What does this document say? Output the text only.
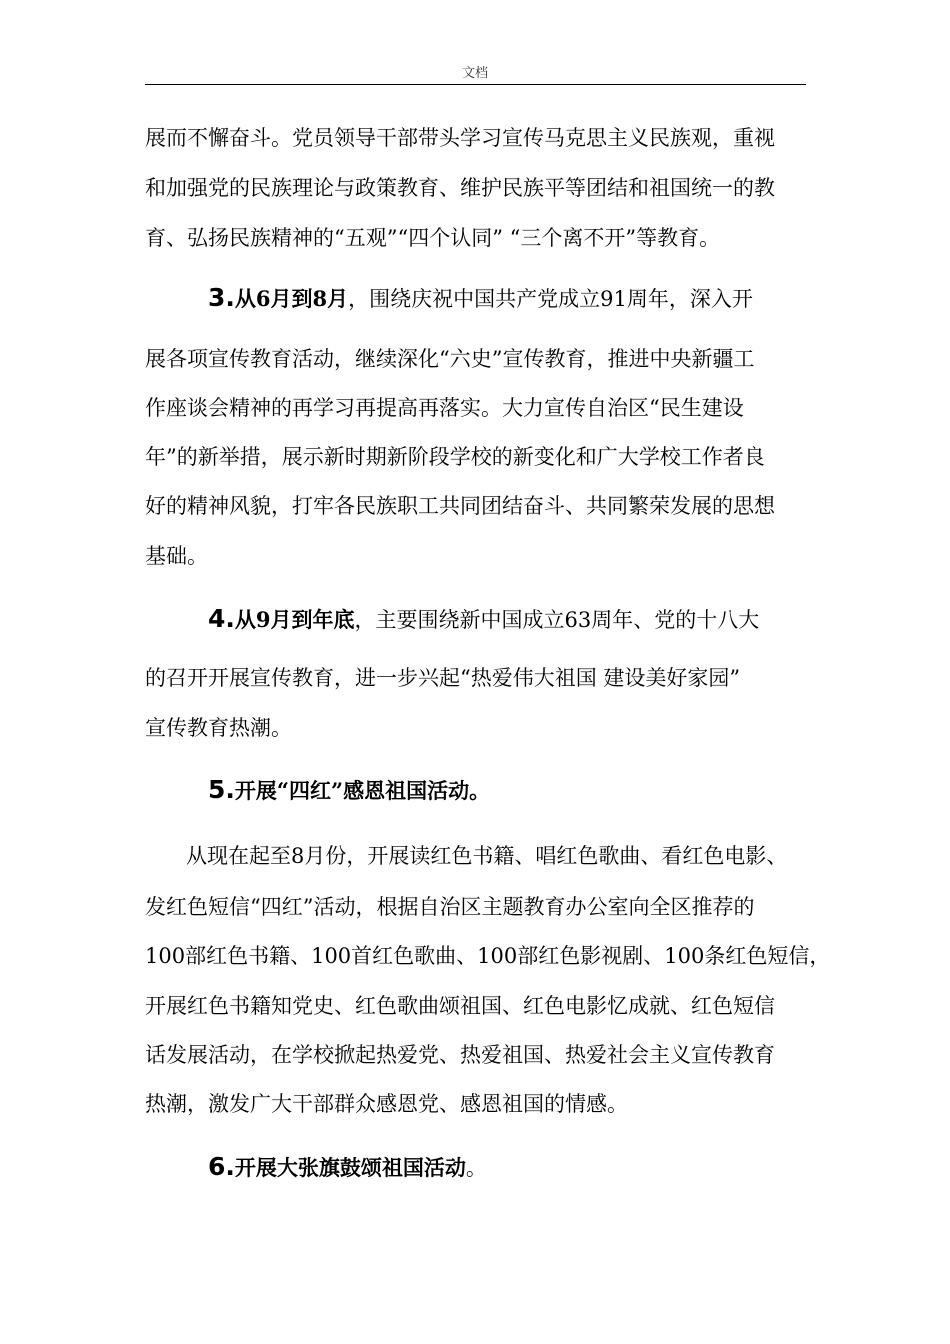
文档
展而不懈奋斗。党员领导干部带头学习宣传马克思主义民族观，重视
和加强党的民族理论与政策教育、维护民族平等团结和祖国统一的教
育、弘扬民族精神的“五观”“四个认同” “三个离不开”等教育。
3.从6月到8月，围绕庆祝中国共产党成立91周年，深入开
展各项宣传教育活动，继续深化“六史”宣传教育，推进中央新疆工
作座谈会精神的再学习再提高再落实。大力宣传自治区“民生建设
年”的新举措，展示新时期新阶段学校的新变化和广大学校工作者良
好的精神风貌，打牢各民族职工共同团结奋斗、共同繁荣发展的思想
基础。
4.从9月到年底，主要围绕新中国成立63周年、党的十八大
的召开开展宣传教育，进一步兴起“热爱伟大祖国 建设美好家园”
宣传教育热潮。
5.开展“四红”感恩祖国活动。
从现在起至8月份，开展读红色书籍、唱红色歌曲、看红色电影、
发红色短信“四红”活动，根据自治区主题教育办公室向全区推荐的
100部红色书籍、100首红色歌曲、100部红色影视剧、100条红色短信，
开展红色书籍知党史、红色歌曲颂祖国、红色电影忆成就、红色短信
话发展活动，在学校掀起热爱党、热爱祖国、热爱社会主义宣传教育
热潮，激发广大干部群众感恩党、感恩祖国的情感。
6.开展大张旗鼓颂祖国活动。
